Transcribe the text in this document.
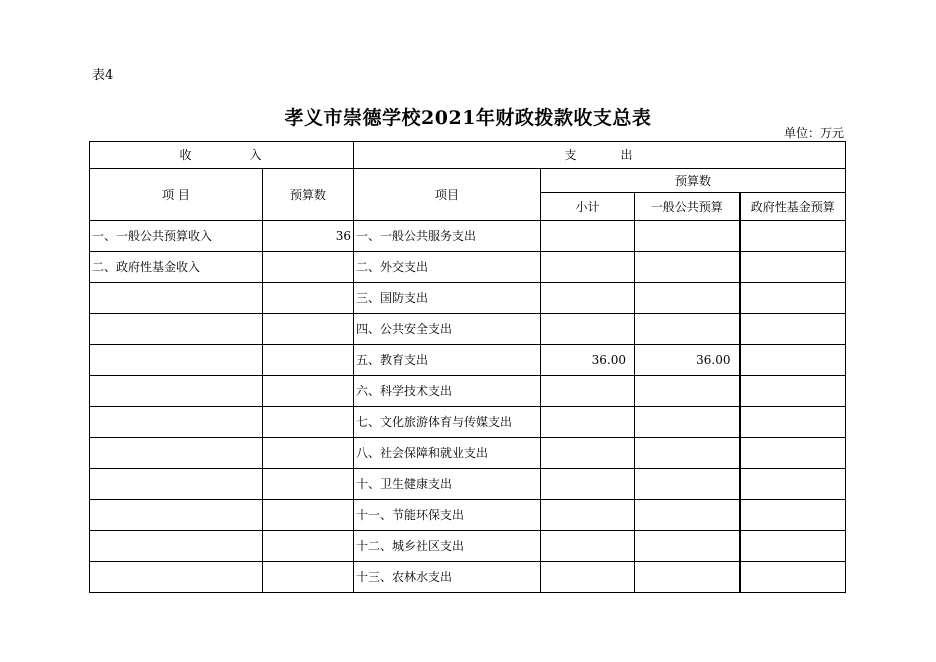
表4
孝义市崇德学校2021年财政拨款收支总表
单位：万元
收　　　　入		支　　　出			
项 目	预算数	项目	预算数		
			小计	一般公共预算	政府性基金预算
一、一般公共预算收入	36	一、一般公共服务支出			
二、政府性基金收入		二、外交支出			
		三、国防支出			
		四、公共安全支出			
		五、教育支出	36.00	36.00	
		六、科学技术支出			
		七、文化旅游体育与传媒支出			
		八、社会保障和就业支出			
		十、卫生健康支出			
		十一、节能环保支出			
		十二、城乡社区支出			
		十三、农林水支出			
